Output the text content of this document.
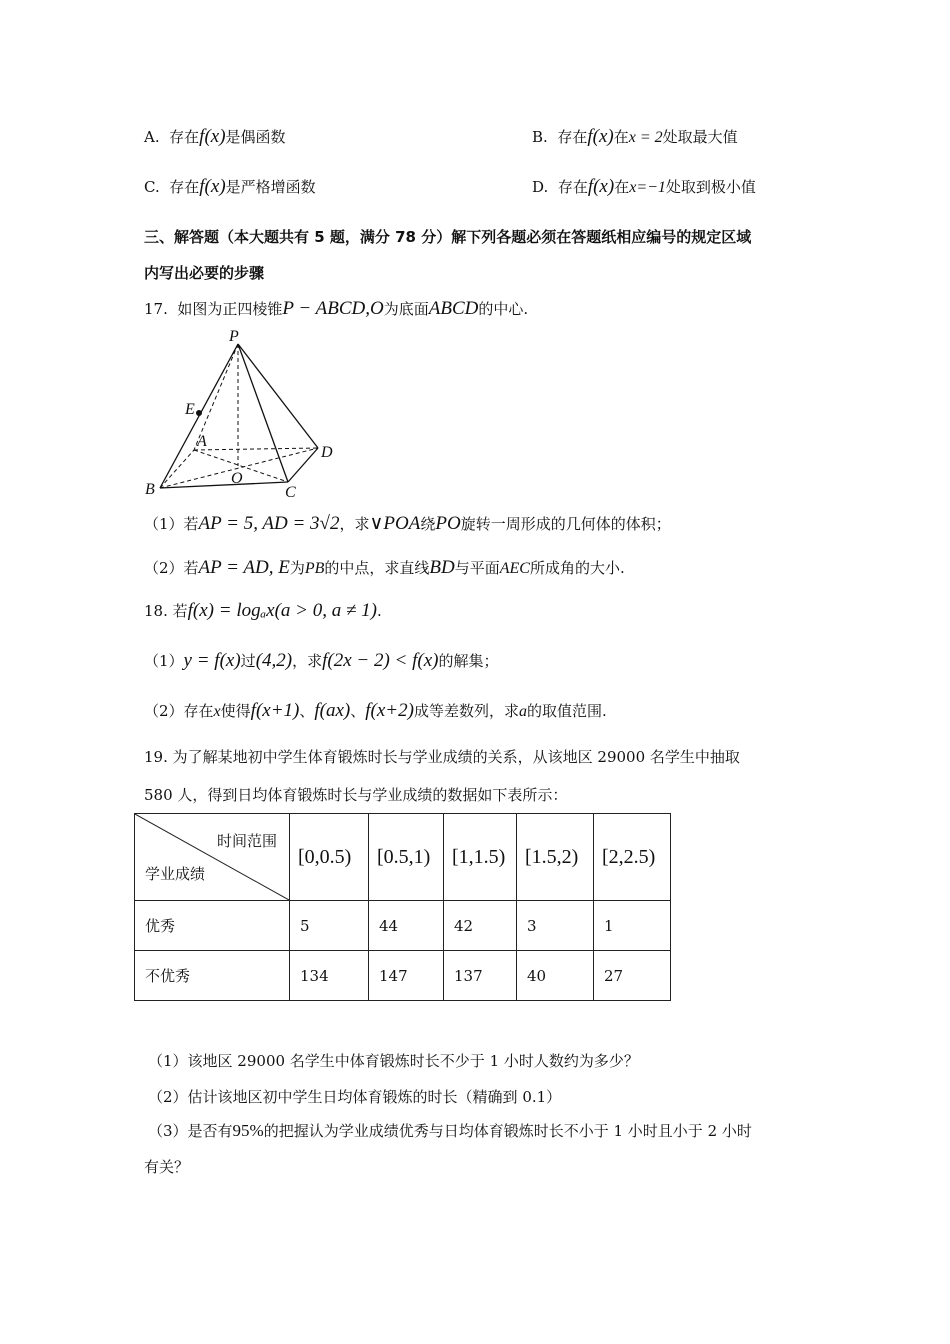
A. 存在f(x)是偶函数	B. 存在f(x)在x = 2处取最大值
C. 存在f(x)是严格增函数	D. 存在f(x)在x=−1处取到极小值
三、解答题（本大题共有 5 题，满分 78 分）解下列各题必须在答题纸相应编号的规定区域
内写出必要的步骤
17. 如图为正四棱锥P − ABCD,O为底面ABCD的中心.
P
E
A
D
O
B	C
（1）若AP = 5, AD = 3√2，求∨POA绕PO旋转一周形成的几何体的体积；
（2）若AP = AD, E为PB的中点，求直线BD与平面AEC所成角的大小.
18. 若f(x) = logₐx(a > 0, a ≠ 1).
（1）y = f(x)过(4,2)，求f(2x − 2) < f(x)的解集；
（2）存在x使得f(x+1)、f(ax)、f(x+2)成等差数列，求a的取值范围.
19. 为了解某地初中学生体育锻炼时长与学业成绩的关系，从该地区 29000 名学生中抽取
580 人，得到日均体育锻炼时长与学业成绩的数据如下表所示：
时间范围
学业成绩	[0,0.5)	[0.5,1)	[1,1.5)	[1.5,2)	[2,2.5)
优秀	5	44	42	3	1
不优秀	134	147	137	40	27
（1）该地区 29000 名学生中体育锻炼时长不少于 1 小时人数约为多少？
（2）估计该地区初中学生日均体育锻炼的时长（精确到 0.1）
（3）是否有95%的把握认为学业成绩优秀与日均体育锻炼时长不小于 1 小时且小于 2 小时
有关？
